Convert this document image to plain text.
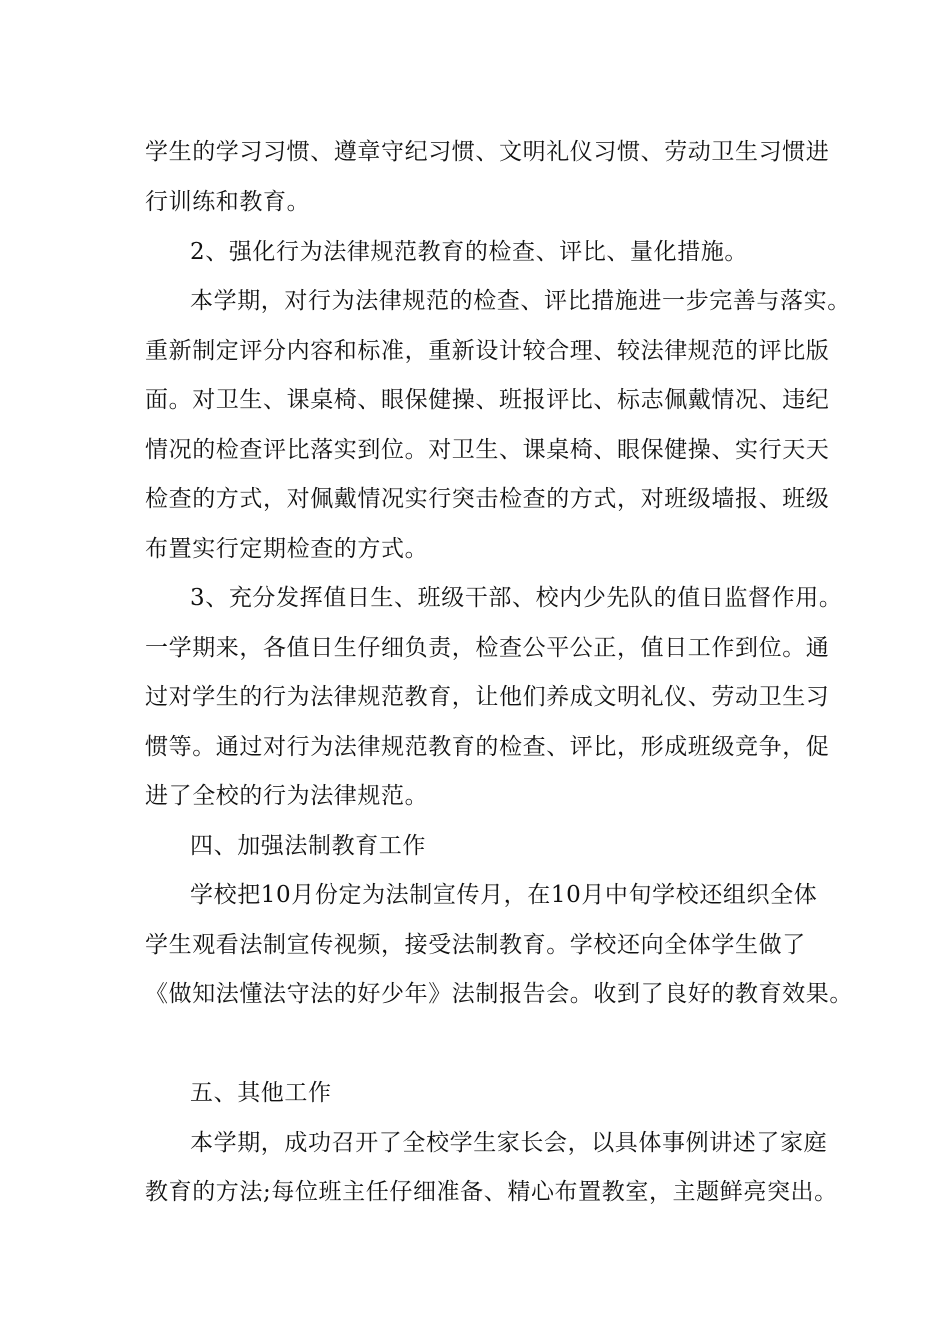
学生的学习习惯、遵章守纪习惯、文明礼仪习惯、劳动卫生习惯进
行训练和教育。
2、强化行为法律规范教育的检查、评比、量化措施。
本学期，对行为法律规范的检查、评比措施进一步完善与落实。
重新制定评分内容和标准，重新设计较合理、较法律规范的评比版
面。对卫生、课桌椅、眼保健操、班报评比、标志佩戴情况、违纪
情况的检查评比落实到位。对卫生、课桌椅、眼保健操、实行天天
检查的方式，对佩戴情况实行突击检查的方式，对班级墙报、班级
布置实行定期检查的方式。
3、充分发挥值日生、班级干部、校内少先队的值日监督作用。
一学期来，各值日生仔细负责，检查公平公正，值日工作到位。通
过对学生的行为法律规范教育，让他们养成文明礼仪、劳动卫生习
惯等。通过对行为法律规范教育的检查、评比，形成班级竞争，促
进了全校的行为法律规范。
四、加强法制教育工作
学校把10月份定为法制宣传月，在10月中旬学校还组织全体
学生观看法制宣传视频，接受法制教育。学校还向全体学生做了
《做知法懂法守法的好少年》法制报告会。收到了良好的教育效果。
五、其他工作
本学期，成功召开了全校学生家长会，以具体事例讲述了家庭
教育的方法;每位班主任仔细准备、精心布置教室，主题鲜亮突出。
